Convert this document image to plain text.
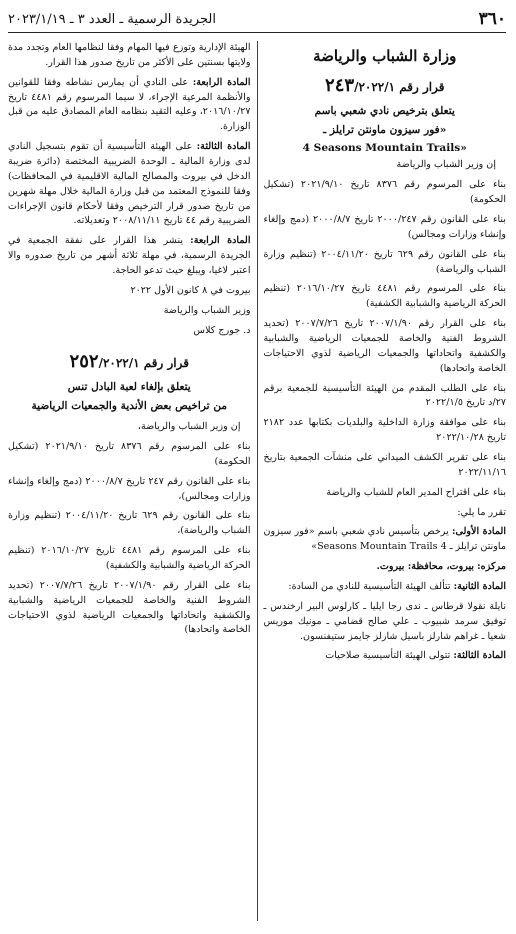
٣٦٠
الجريدة الرسمية ـ العدد ٣ ـ ٢٠٢٣/١/١٩
وزارة الشباب والرياضة
قرار رقم ٢٤٣/٢٠٢٢/١
يتعلق بترخيص نادي شعبي باسم
«فور سيزون ماونتن ترايلز ـ
4 Seasons Mountain Trails»

إن وزير الشباب والرياضة

بناء على المرسوم رقم ٨٣٧٦ تاريخ ٢٠٢١/٩/١٠ (تشكيل الحكومة)

بناء على القانون رقم ٢٠٠٠/٢٤٧ تاريخ ٢٠٠٠/٨/٧ (دمج وإلغاء وإنشاء وزارات ومجالس)

بناء على القانون رقم ٦٢٩ تاريخ ٢٠٠٤/١١/٢٠ (تنظيم وزارة الشباب والرياضة)

بناء على المرسوم رقم ٤٤٨١ تاريخ ٢٠١٦/١٠/٢٧ (تنظيم الحركة الرياضية والشبابية الكشفية)

بناء على القرار رقم ٢٠٠٧/١/٩٠ تاريخ ٢٠٠٧/٧/٢٦ (تحديد الشروط الفنية والخاصة للجمعيات الرياضية والشبابية والكشفية واتحاداتها والجمعيات الرياضية لذوي الاحتياجات الخاصة واتحادها)

بناء على الطلب المقدم من الهيئة التأسيسية للجمعية برقم ٢٧/د تاريخ ٢٠٢٢/١/٥

بناء على موافقة وزارة الداخلية والبلديات بكتابها عدد ٢١٨٢ تاريخ ٢٠٢٢/١٠/٢٨

بناء على تقرير الكشف الميداني على منشآت الجمعية بتاريخ ٢٠٢٢/١١/١٦

بناء على اقتراح المدير العام للشباب والرياضة

تقرر ما يلي:

المادة الأولى: يرخص بتأسيس نادي شعبي باسم «فور سيزون ماونتن ترايلز ـ 4 Seasons Mountain Trails»

مركزه: بيروت، محافظة: بيروت.

المادة الثانية: تتألف الهيئة التأسيسية للنادي من السادة:

نايلة نقولا قرطاس ـ ندى رجا ايليا ـ كارلوس البير ارخندس ـ توفيق سرمد شبيوب ـ علي صالح قضامي ـ مونيك موريس شعيا ـ غراهم شارلز باسيل شارلز جايمز ستيفنسون.

المادة الثالثة: تتولى الهيئة التأسيسية صلاحيات

الهيئة الإدارية وتوزع فيها المهام وفقا لنظامها العام وتجدد مدة ولايتها بسنتين على الأكثر من تاريخ صدور هذا القرار.

المادة الرابعة: على النادي أن يمارس نشاطه وفقا للقوانين والأنظمة المرعية الإجراء، لا سيما المرسوم رقم ٤٤٨١ تاريخ ٢٠١٦/١٠/٢٧، وعليه التقيد بنظامه العام المصادق عليه من قبل الوزارة.

المادة الثالثة: على الهيئة التأسيسية أن تقوم بتسجيل النادي لدى وزارة المالية ـ الوحدة الضريبية المختصة (دائرة ضريبة الدخل في بيروت والمصالح المالية الاقليمية في المحافظات) وفقا للنموذج المعتمد من قبل وزارة المالية خلال مهلة شهرين من تاريخ صدور قرار الترخيص وفقا لأحكام قانون الإجراءات الضريبية رقم ٤٤ تاريخ ٢٠٠٨/١١/١١ وتعديلاته.

المادة الرابعة: ينشر هذا القرار على نفقة الجمعية في الجريدة الرسمية، في مهلة ثلاثة أشهر من تاريخ صدوره والا اعتبر لاغيا، ويبلغ حيث تدعو الحاجة.

بيروت في ٨ كانون الأول ٢٠٢٢

وزير الشباب والرياضة

د. جورج كلاس

قرار رقم ٢٥٢/٢٠٢٢/١
يتعلق بإلغاء لعبة البادل تنس
من تراخيص بعض الأندية والجمعيات الرياضية

إن وزير الشباب والرياضة،

بناء على المرسوم رقم ٨٣٧٦ تاريخ ٢٠٢١/٩/١٠ (تشكيل الحكومة)

بناء على القانون رقم ٢٤٧ تاريخ ٢٠٠٠/٨/٧ (دمج وإلغاء وإنشاء وزارات ومجالس)،

بناء على القانون رقم ٦٢٩ تاريخ ٢٠٠٤/١١/٢٠ (تنظيم وزارة الشباب والرياضة)،

بناء على المرسوم رقم ٤٤٨١ تاريخ ٢٠١٦/١٠/٢٧ (تنظيم الحركة الرياضية والشبابية والكشفية)

بناء على القرار رقم ٢٠٠٧/١/٩٠ تاريخ ٢٠٠٧/٧/٢٦ (تحديد الشروط الفنية والخاصة للجمعيات الرياضية والشبابية والكشفية واتحاداتها والجمعيات الرياضية لذوي الاحتياجات الخاصة واتحادها)
